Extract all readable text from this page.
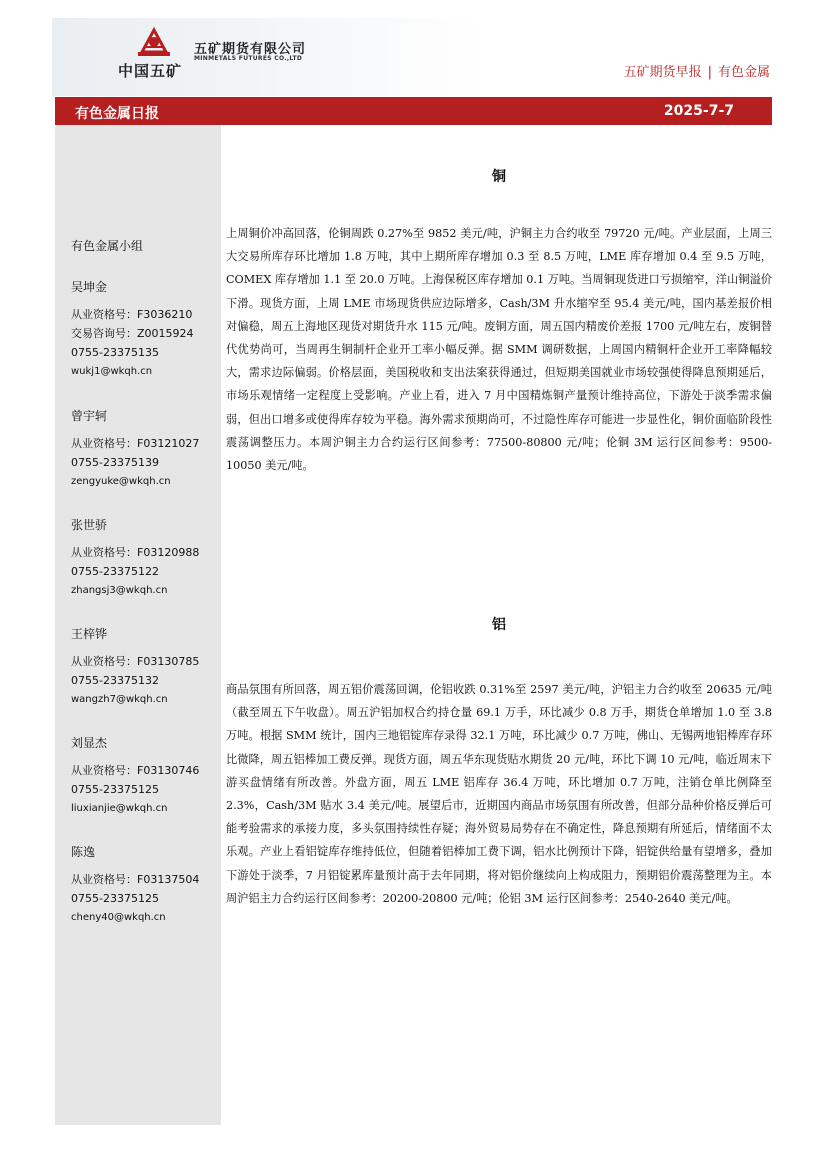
中国五矿
五矿期货有限公司
MINMETALS FUTURES CO.,LTD
五矿期货早报 | 有色金属
有色金属日报	2025-7-7
有色金属小组
吴坤金
从业资格号：F3036210
交易咨询号：Z0015924
0755-23375135
wukj1@wkqh.cn
曾宇轲
从业资格号：F03121027
0755-23375139
zengyuke@wkqh.cn
张世骄
从业资格号：F03120988
0755-23375122
zhangsj3@wkqh.cn
王梓铧
从业资格号：F03130785
0755-23375132
wangzh7@wkqh.cn
刘显杰
从业资格号：F03130746
0755-23375125
liuxianjie@wkqh.cn
陈逸
从业资格号：F03137504
0755-23375125
cheny40@wkqh.cn
铜
上周铜价冲高回落，伦铜周跌 0.27%至 9852 美元/吨，沪铜主力合约收至 79720 元/吨。产业层面，上周三大交易所库存环比增加 1.8 万吨，其中上期所库存增加 0.3 至 8.5 万吨，LME 库存增加 0.4 至 9.5 万吨，COMEX 库存增加 1.1 至 20.0 万吨。上海保税区库存增加 0.1 万吨。当周铜现货进口亏损缩窄，洋山铜溢价下滑。现货方面，上周 LME 市场现货供应边际增多，Cash/3M 升水缩窄至 95.4 美元/吨，国内基差报价相对偏稳，周五上海地区现货对期货升水 115 元/吨。废铜方面，周五国内精废价差报 1700 元/吨左右，废铜替代优势尚可，当周再生铜制杆企业开工率小幅反弹。据 SMM 调研数据，上周国内精铜杆企业开工率降幅较大，需求边际偏弱。价格层面，美国税收和支出法案获得通过，但短期美国就业市场较强使得降息预期延后，市场乐观情绪一定程度上受影响。产业上看，进入 7 月中国精炼铜产量预计维持高位，下游处于淡季需求偏弱，但出口增多或使得库存较为平稳。海外需求预期尚可，不过隐性库存可能进一步显性化，铜价面临阶段性震荡调整压力。本周沪铜主力合约运行区间参考：77500-80800 元/吨；伦铜 3M 运行区间参考：9500-10050 美元/吨。
铝
商品氛围有所回落，周五铝价震荡回调，伦铝收跌 0.31%至 2597 美元/吨，沪铝主力合约收至 20635 元/吨（截至周五下午收盘）。周五沪铝加权合约持仓量 69.1 万手，环比减少 0.8 万手，期货仓单增加 1.0 至 3.8 万吨。根据 SMM 统计，国内三地铝锭库存录得 32.1 万吨，环比减少 0.7 万吨，佛山、无锡两地铝棒库存环比微降，周五铝棒加工费反弹。现货方面，周五华东现货贴水期货 20 元/吨，环比下调 10 元/吨，临近周末下游买盘情绪有所改善。外盘方面，周五 LME 铝库存 36.4 万吨，环比增加 0.7 万吨，注销仓单比例降至 2.3%，Cash/3M 贴水 3.4 美元/吨。展望后市，近期国内商品市场氛围有所改善，但部分品种价格反弹后可能考验需求的承接力度，多头氛围持续性存疑；海外贸易局势存在不确定性，降息预期有所延后，情绪面不太乐观。产业上看铝锭库存维持低位，但随着铝棒加工费下调，铝水比例预计下降，铝锭供给量有望增多，叠加下游处于淡季，7 月铝锭累库量预计高于去年同期，将对铝价继续向上构成阻力，预期铝价震荡整理为主。本周沪铝主力合约运行区间参考：20200-20800 元/吨；伦铝 3M 运行区间参考：2540-2640 美元/吨。
